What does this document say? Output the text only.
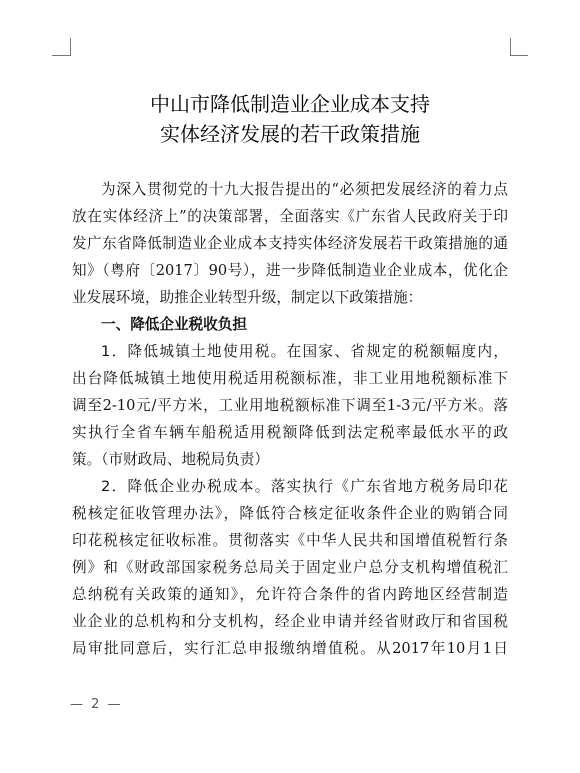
中山市降低制造业企业成本支持
实体经济发展的若干政策措施
为深入贯彻党的十九大报告提出的“必须把发展经济的着力点
放在实体经济上”的决策部署，全面落实《广东省人民政府关于印
发广东省降低制造业企业成本支持实体经济发展若干政策措施的通
知》（粤府〔2017〕90号），进一步降低制造业企业成本，优化企
业发展环境，助推企业转型升级，制定以下政策措施：
一、降低企业税收负担
1．降低城镇土地使用税。在国家、省规定的税额幅度内，
出台降低城镇土地使用税适用税额标准，非工业用地税额标准下
调至2-10元/平方米，工业用地税额标准下调至1-3元/平方米。落
实执行全省车辆车船税适用税额降低到法定税率最低水平的政
策。（市财政局、地税局负责）
2．降低企业办税成本。落实执行《广东省地方税务局印花
税核定征收管理办法》，降低符合核定征收条件企业的购销合同
印花税核定征收标准。贯彻落实《中华人民共和国增值税暂行条
例》和《财政部国家税务总局关于固定业户总分支机构增值税汇
总纳税有关政策的通知》，允许符合条件的省内跨地区经营制造
业企业的总机构和分支机构，经企业申请并经省财政厅和省国税
局审批同意后，实行汇总申报缴纳增值税。从2017年10月1日
— 2 —
